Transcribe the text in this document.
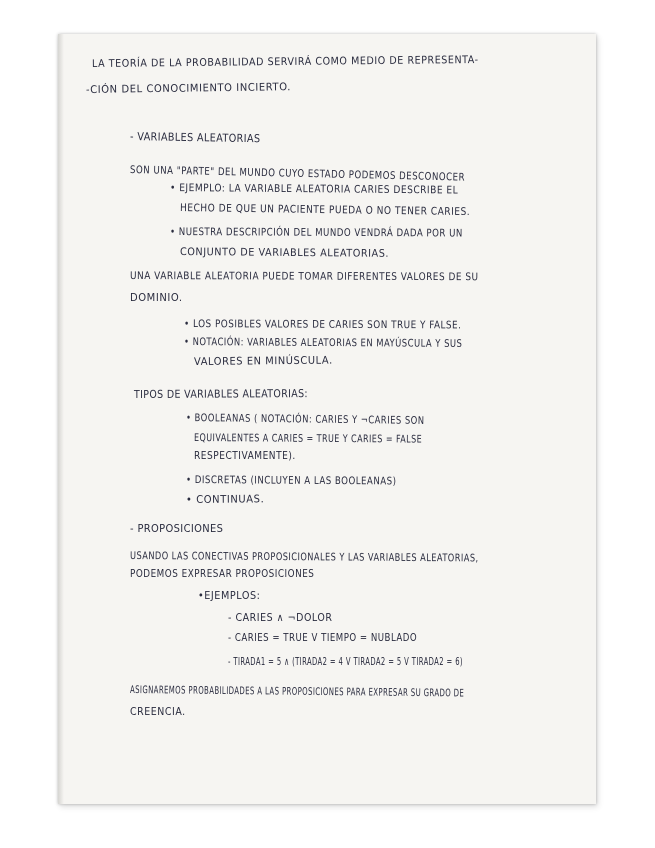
LA TEORÍA DE LA PROBABILIDAD SERVIRÁ COMO MEDIO DE REPRESENTA-
-CIÓN DEL CONOCIMIENTO INCIERTO.
- VARIABLES ALEATORIAS
SON UNA "PARTE" DEL MUNDO CUYO ESTADO PODEMOS DESCONOCER
• EJEMPLO: LA VARIABLE ALEATORIA CARIES DESCRIBE EL
HECHO DE QUE UN PACIENTE PUEDA O NO TENER CARIES.
• NUESTRA DESCRIPCIÓN DEL MUNDO VENDRÁ DADA POR UN
CONJUNTO DE VARIABLES ALEATORIAS.
UNA VARIABLE ALEATORIA PUEDE TOMAR DIFERENTES VALORES DE SU
DOMINIO.
• LOS POSIBLES VALORES DE CARIES SON TRUE Y FALSE.
• NOTACIÓN: VARIABLES ALEATORIAS EN MAYÚSCULA Y SUS
VALORES EN MINÚSCULA.
TIPOS DE VARIABLES ALEATORIAS:
• BOOLEANAS ( NOTACIÓN: CARIES Y ¬CARIES SON
EQUIVALENTES A CARIES = TRUE Y CARIES = FALSE
RESPECTIVAMENTE).
• DISCRETAS (INCLUYEN A LAS BOOLEANAS)
• CONTINUAS.
- PROPOSICIONES
USANDO LAS CONECTIVAS PROPOSICIONALES Y LAS VARIABLES ALEATORIAS,
PODEMOS EXPRESAR PROPOSICIONES
•EJEMPLOS:
- CARIES ∧ ¬DOLOR
- CARIES = TRUE V TIEMPO = NUBLADO
- TIRADA1 = 5 ∧ (TIRADA2 = 4 V TIRADA2 = 5 V TIRADA2 = 6)
ASIGNAREMOS PROBABILIDADES A LAS PROPOSICIONES PARA EXPRESAR SU GRADO DE
CREENCIA.
